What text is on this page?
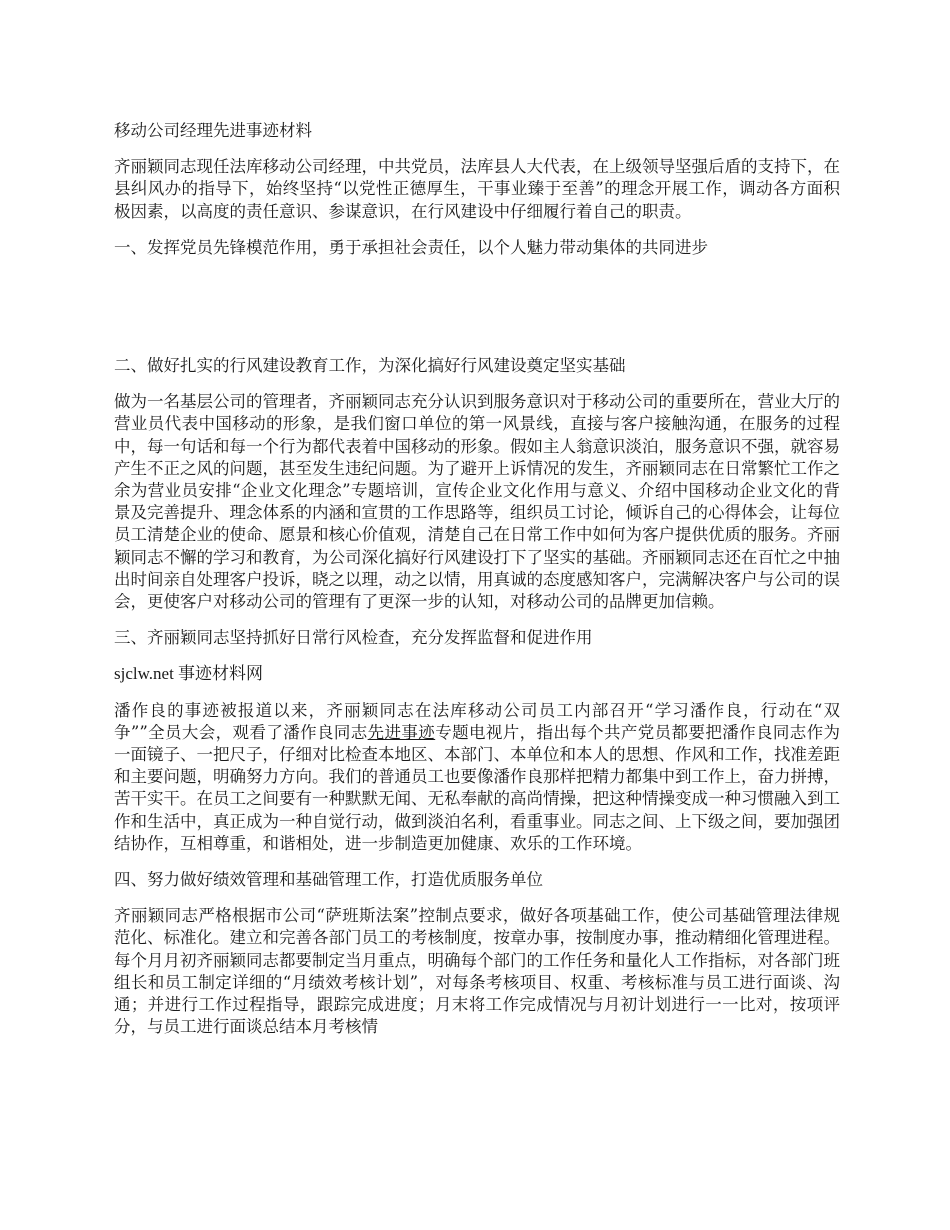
移动公司经理先进事迹材料

齐丽颖同志现任法库移动公司经理，中共党员，法库县人大代表，在上级领导坚强后盾的支持下，在县纠风办的指导下，始终坚持“以党性正德厚生，干事业臻于至善”的理念开展工作，调动各方面积极因素，以高度的责任意识、参谋意识，在行风建设中仔细履行着自己的职责。

一、发挥党员先锋模范作用，勇于承担社会责任，以个人魅力带动集体的共同进步

二、做好扎实的行风建设教育工作，为深化搞好行风建设奠定坚实基础

做为一名基层公司的管理者，齐丽颖同志充分认识到服务意识对于移动公司的重要所在，营业大厅的营业员代表中国移动的形象，是我们窗口单位的第一风景线，直接与客户接触沟通，在服务的过程中，每一句话和每一个行为都代表着中国移动的形象。假如主人翁意识淡泊，服务意识不强，就容易产生不正之风的问题，甚至发生违纪问题。为了避开上诉情况的发生，齐丽颖同志在日常繁忙工作之余为营业员安排“企业文化理念”专题培训，宣传企业文化作用与意义、介绍中国移动企业文化的背景及完善提升、理念体系的内涵和宣贯的工作思路等，组织员工讨论，倾诉自己的心得体会，让每位员工清楚企业的使命、愿景和核心价值观，清楚自己在日常工作中如何为客户提供优质的服务。齐丽颖同志不懈的学习和教育，为公司深化搞好行风建设打下了坚实的基础。齐丽颖同志还在百忙之中抽出时间亲自处理客户投诉，晓之以理，动之以情，用真诚的态度感知客户，完满解决客户与公司的误会，更使客户对移动公司的管理有了更深一步的认知，对移动公司的品牌更加信赖。

三、齐丽颖同志坚持抓好日常行风检查，充分发挥监督和促进作用

sjclw.net 事迹材料网

潘作良的事迹被报道以来，齐丽颖同志在法库移动公司员工内部召开“学习潘作良，行动在“双争””全员大会，观看了潘作良同志先进事迹专题电视片，指出每个共产党员都要把潘作良同志作为一面镜子、一把尺子，仔细对比检查本地区、本部门、本单位和本人的思想、作风和工作，找准差距和主要问题，明确努力方向。我们的普通员工也要像潘作良那样把精力都集中到工作上，奋力拼搏，苦干实干。在员工之间要有一种默默无闻、无私奉献的高尚情操，把这种情操变成一种习惯融入到工作和生活中，真正成为一种自觉行动，做到淡泊名利，看重事业。同志之间、上下级之间，要加强团结协作，互相尊重，和谐相处，进一步制造更加健康、欢乐的工作环境。

四、努力做好绩效管理和基础管理工作，打造优质服务单位

齐丽颖同志严格根据市公司“萨班斯法案”控制点要求，做好各项基础工作，使公司基础管理法律规范化、标准化。建立和完善各部门员工的考核制度，按章办事，按制度办事，推动精细化管理进程。每个月月初齐丽颖同志都要制定当月重点，明确每个部门的工作任务和量化人工作指标，对各部门班组长和员工制定详细的“月绩效考核计划”，对每条考核项目、权重、考核标准与员工进行面谈、沟通；并进行工作过程指导，跟踪完成进度；月末将工作完成情况与月初计划进行一一比对，按项评分，与员工进行面谈总结本月考核情
